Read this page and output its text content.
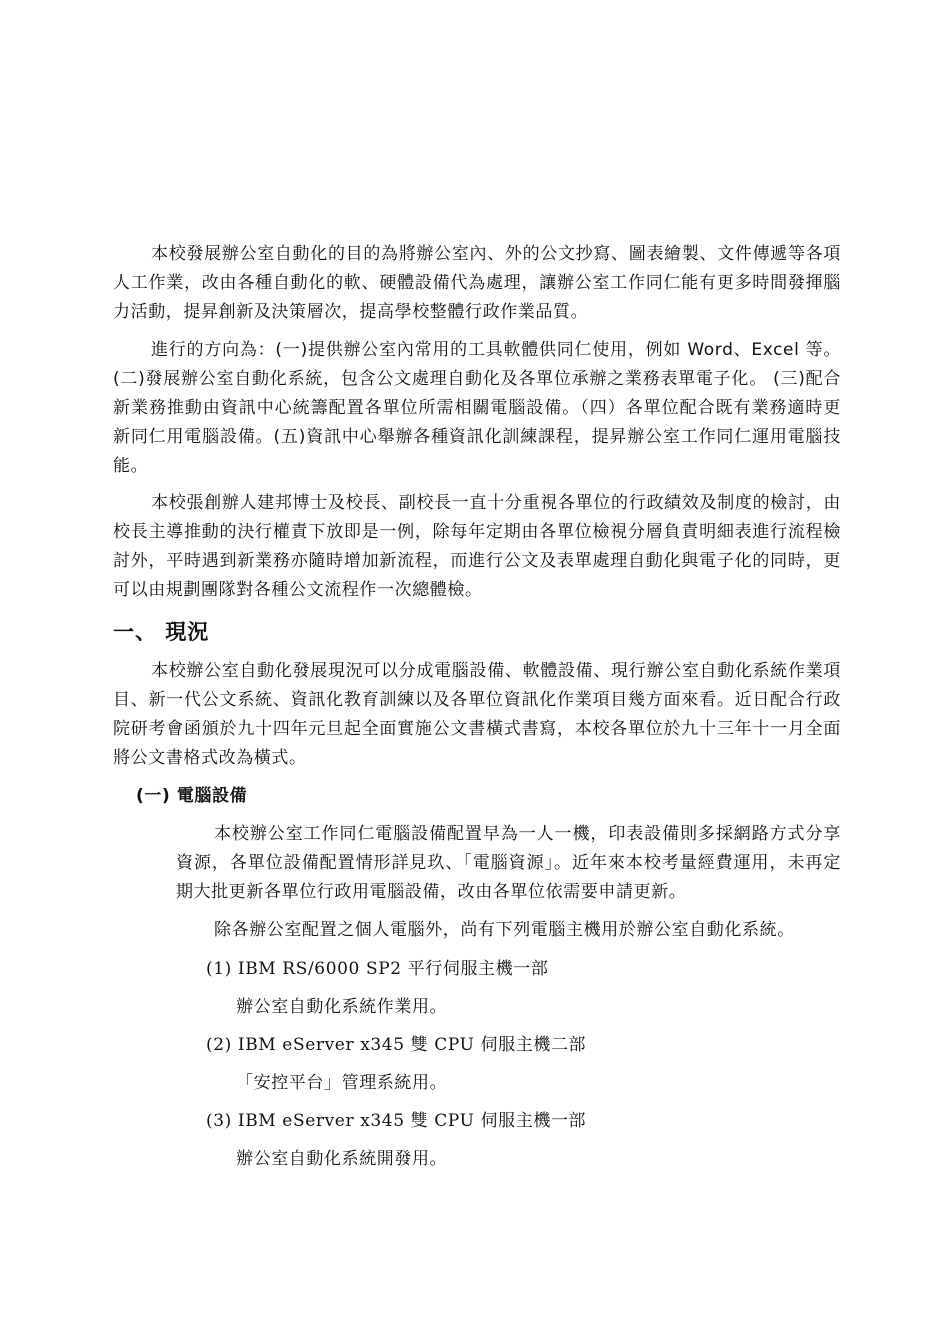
本校發展辦公室自動化的目的為將辦公室內、外的公文抄寫、圖表繪製、文件傳遞等各項人工作業，改由各種自動化的軟、硬體設備代為處理，讓辦公室工作同仁能有更多時間發揮腦力活動，提昇創新及決策層次，提高學校整體行政作業品質。

進行的方向為：(一)提供辦公室內常用的工具軟體供同仁使用，例如 Word、Excel 等。(二)發展辦公室自動化系統，包含公文處理自動化及各單位承辦之業務表單電子化。 (三)配合新業務推動由資訊中心統籌配置各單位所需相關電腦設備。（四）各單位配合既有業務適時更新同仁用電腦設備。(五)資訊中心舉辦各種資訊化訓練課程，提昇辦公室工作同仁運用電腦技能。

本校張創辦人建邦博士及校長、副校長一直十分重視各單位的行政績效及制度的檢討，由校長主導推動的決行權責下放即是一例，除每年定期由各單位檢視分層負責明細表進行流程檢討外，平時遇到新業務亦隨時增加新流程，而進行公文及表單處理自動化與電子化的同時，更可以由規劃團隊對各種公文流程作一次總體檢。

一、 現況

本校辦公室自動化發展現況可以分成電腦設備、軟體設備、現行辦公室自動化系統作業項目、新一代公文系統、資訊化教育訓練以及各單位資訊化作業項目幾方面來看。近日配合行政院研考會函頒於九十四年元旦起全面實施公文書橫式書寫，本校各單位於九十三年十一月全面將公文書格式改為橫式。

(一) 電腦設備

本校辦公室工作同仁電腦設備配置早為一人一機，印表設備則多採網路方式分享資源，各單位設備配置情形詳見玖、「電腦資源」。近年來本校考量經費運用，未再定期大批更新各單位行政用電腦設備，改由各單位依需要申請更新。

除各辦公室配置之個人電腦外，尚有下列電腦主機用於辦公室自動化系統。

(1) IBM RS/6000 SP2 平行伺服主機一部

辦公室自動化系統作業用。

(2) IBM eServer x345 雙 CPU 伺服主機二部

「安控平台」管理系統用。

(3) IBM eServer x345 雙 CPU 伺服主機一部

辦公室自動化系統開發用。
